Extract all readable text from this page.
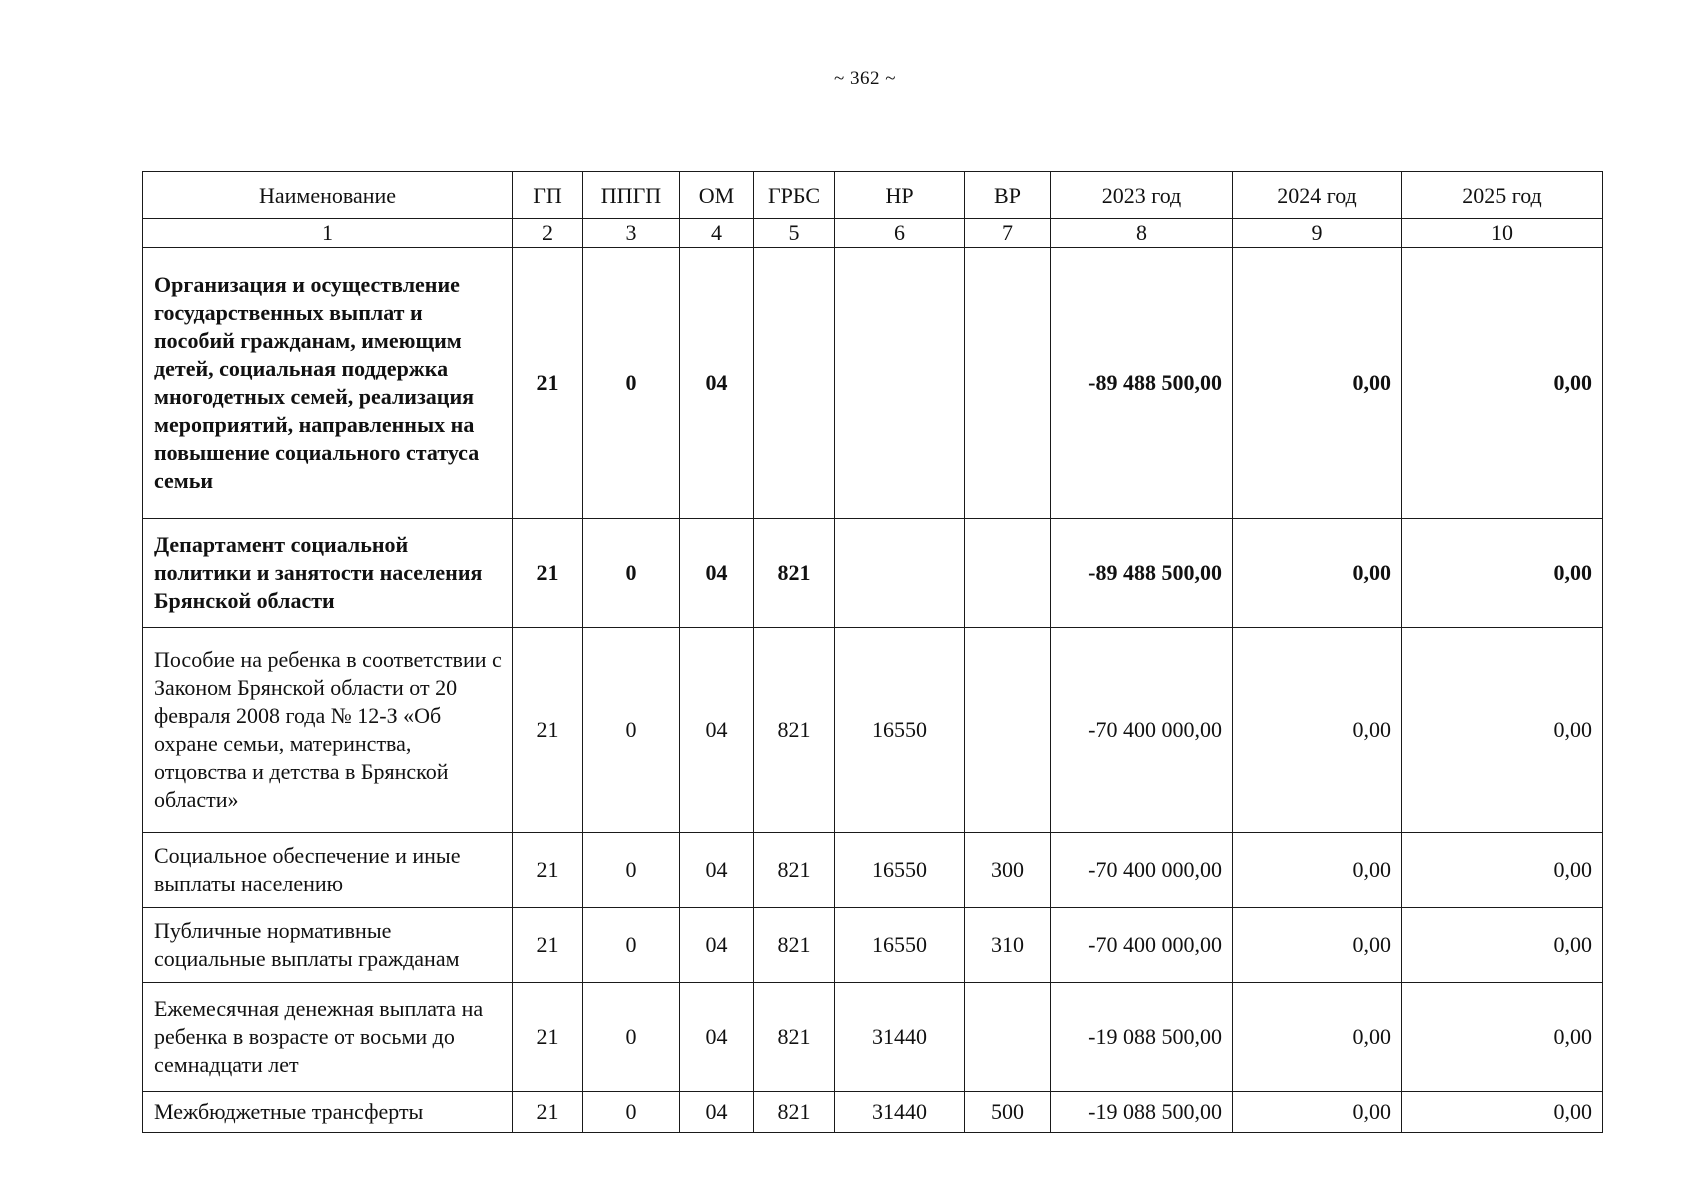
~ 362 ~
Наименование	ГП	ППГП	ОМ	ГРБС	НР	ВР	2023 год	2024 год	2025 год
1	2	3	4	5	6	7	8	9	10
Организация и осуществление государственных выплат и пособий гражданам, имеющим детей, социальная поддержка многодетных семей, реализация мероприятий, направленных на повышение социального статуса семьи	21	0	04				-89 488 500,00	0,00	0,00
Департамент социальной политики и занятости населения Брянской области	21	0	04	821			-89 488 500,00	0,00	0,00
Пособие на ребенка в соответствии с Законом Брянской области от 20 февраля 2008 года № 12-З «Об охране семьи, материнства, отцовства и детства в Брянской области»	21	0	04	821	16550		-70 400 000,00	0,00	0,00
Социальное обеспечение и иные выплаты населению	21	0	04	821	16550	300	-70 400 000,00	0,00	0,00
Публичные нормативные социальные выплаты гражданам	21	0	04	821	16550	310	-70 400 000,00	0,00	0,00
Ежемесячная денежная выплата на ребенка в возрасте от восьми до семнадцати лет	21	0	04	821	31440		-19 088 500,00	0,00	0,00
Межбюджетные трансферты	21	0	04	821	31440	500	-19 088 500,00	0,00	0,00
